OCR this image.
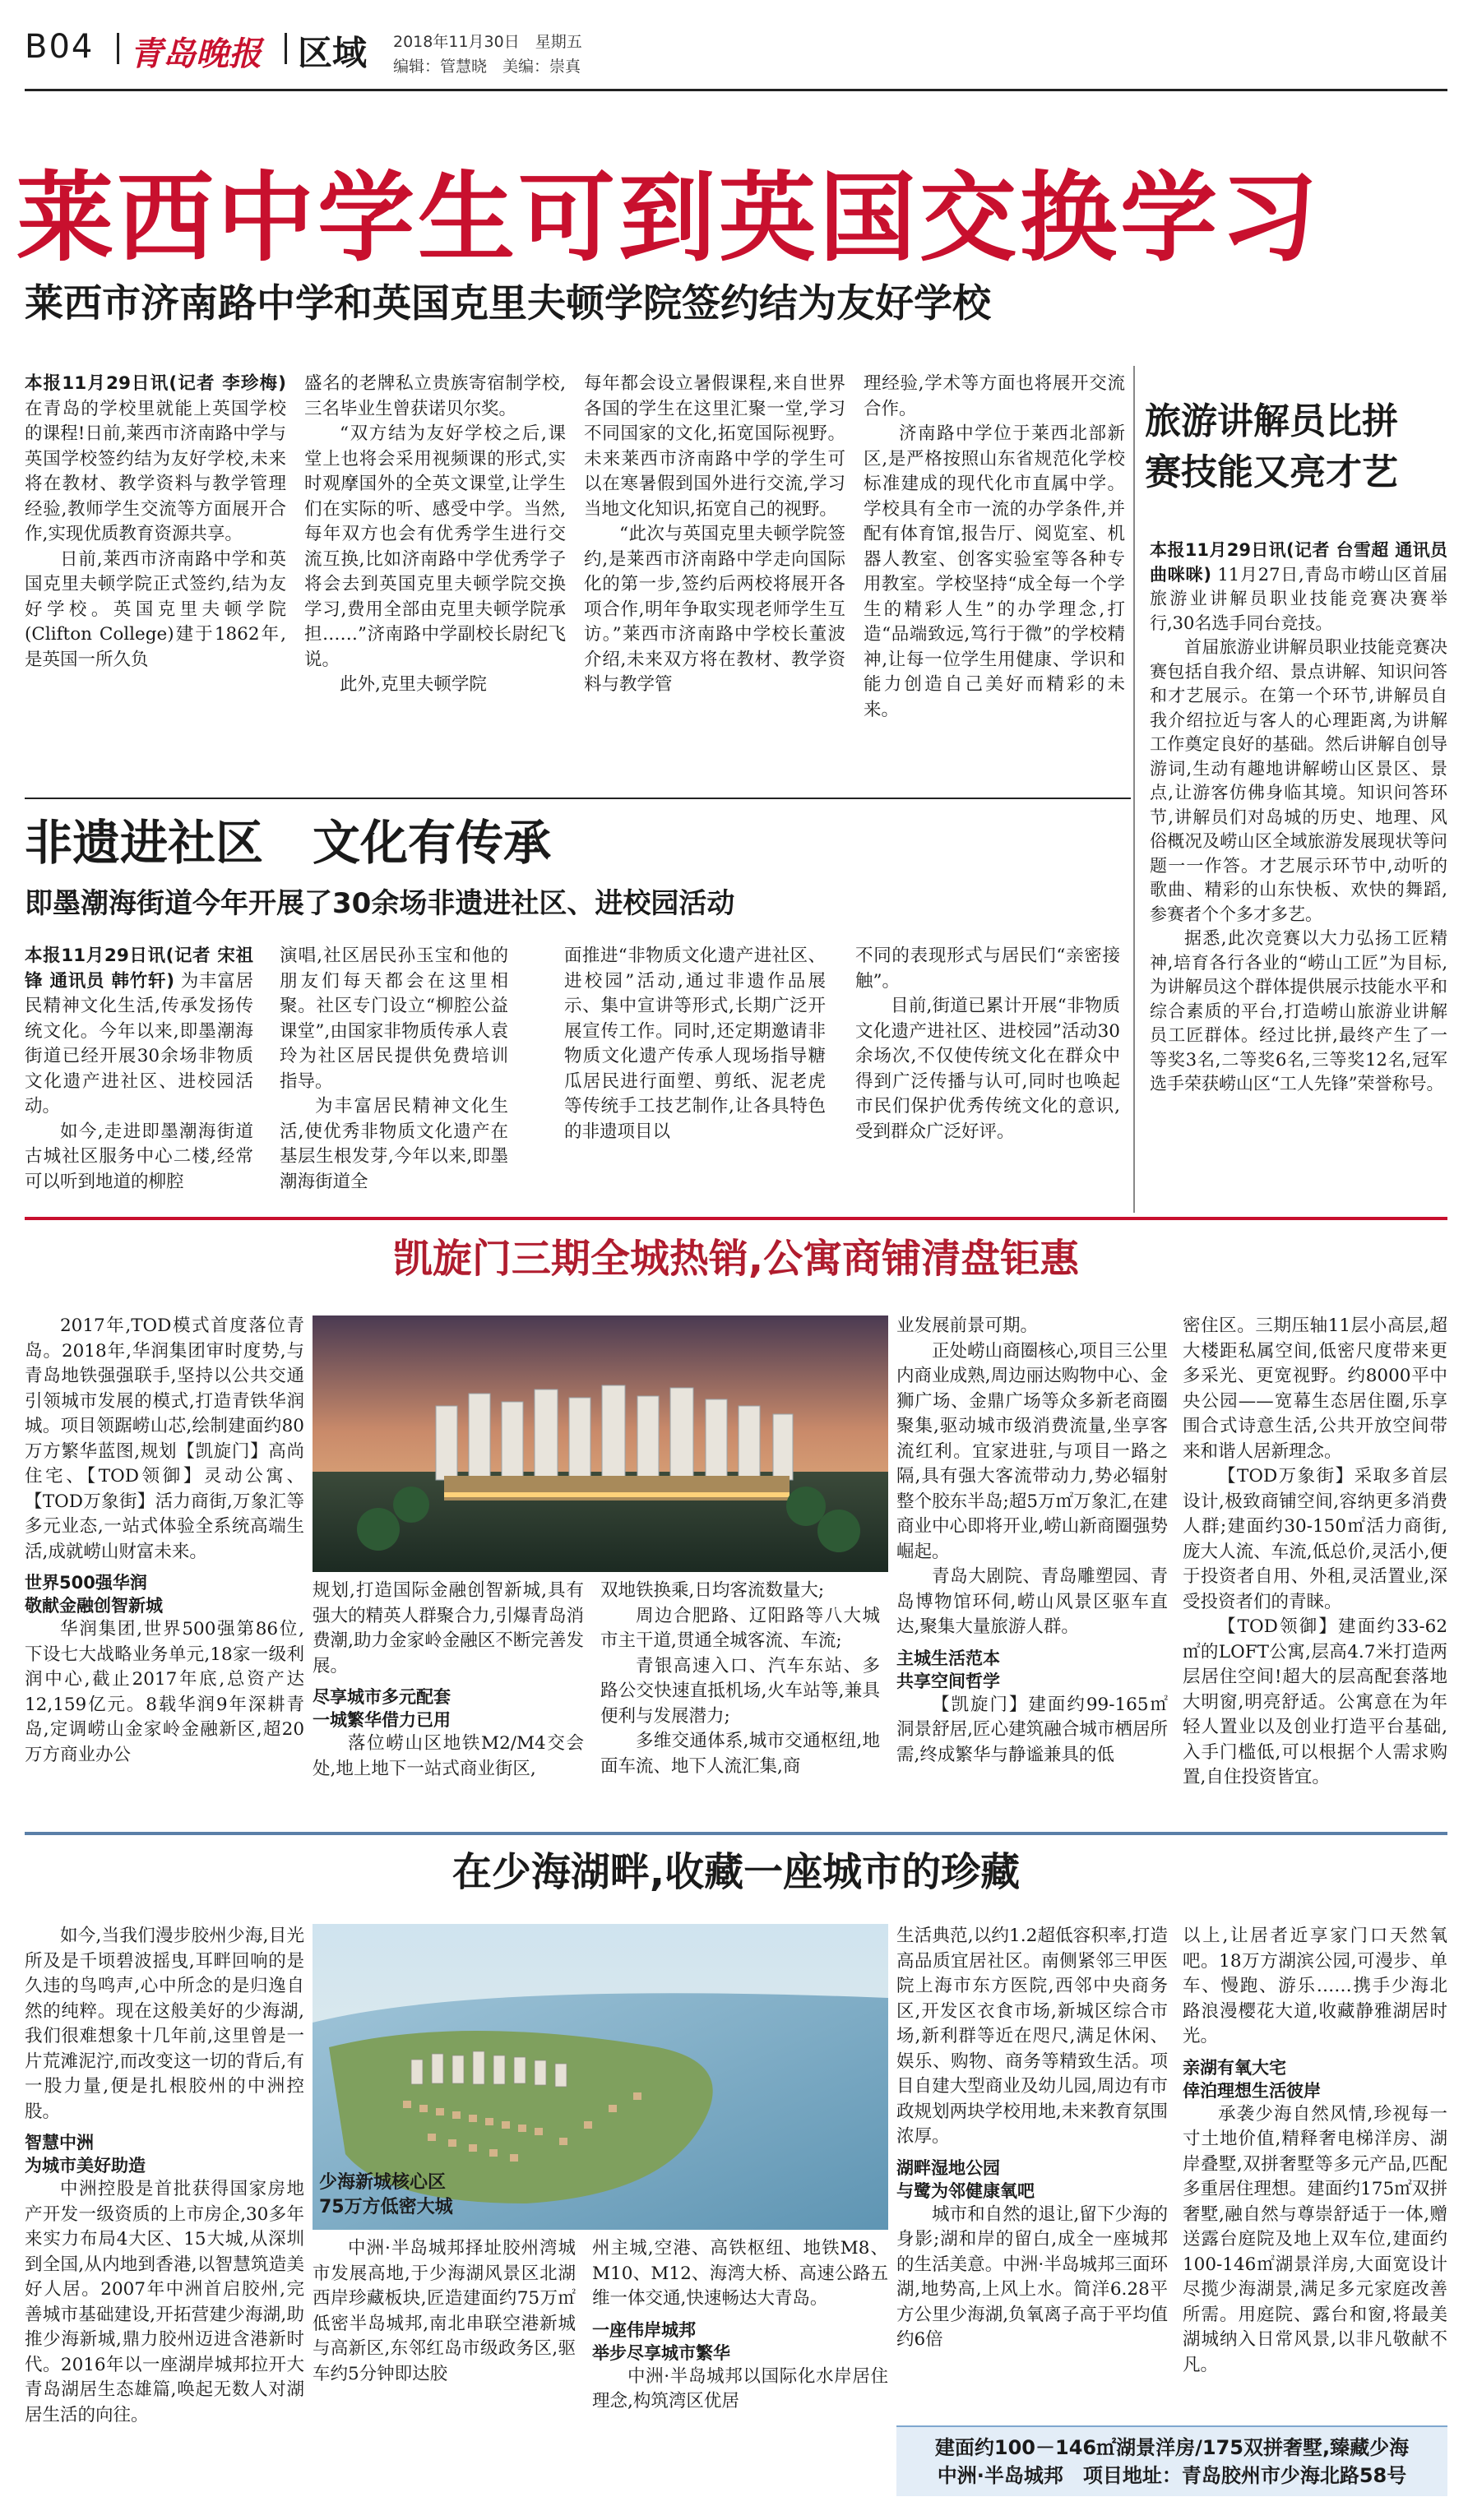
B04 青岛晚报 区域 2018年11月30日　星期五
编辑：管慧晓　美编：崇真
莱西中学生可到英国交换学习
莱西市济南路中学和英国克里夫顿学院签约结为友好学校

本报11月29日讯(记者 李珍梅) 在青岛的学校里就能上英国学校的课程!日前,莱西市济南路中学与英国学校签约结为友好学校,未来将在教材、教学资料与教学管理经验,教师学生交流等方面展开合作,实现优质教育资源共享。

日前,莱西市济南路中学和英国克里夫顿学院正式签约,结为友好学校。英国克里夫顿学院(Clifton College)建于1862年,是英国一所久负

盛名的老牌私立贵族寄宿制学校,三名毕业生曾获诺贝尔奖。

“双方结为友好学校之后,课堂上也将会采用视频课的形式,实时观摩国外的全英文课堂,让学生们在实际的听、感受中学。当然,每年双方也会有优秀学生进行交流互换,比如济南路中学优秀学子将会去到英国克里夫顿学院交换学习,费用全部由克里夫顿学院承担……”济南路中学副校长尉纪飞说。

此外,克里夫顿学院

每年都会设立暑假课程,来自世界各国的学生在这里汇聚一堂,学习不同国家的文化,拓宽国际视野。未来莱西市济南路中学的学生可以在寒暑假到国外进行交流,学习当地文化知识,拓宽自己的视野。

“此次与英国克里夫顿学院签约,是莱西市济南路中学走向国际化的第一步,签约后两校将展开各项合作,明年争取实现老师学生互访。”莱西市济南路中学校长董波介绍,未来双方将在教材、教学资料与教学管

理经验,学术等方面也将展开交流合作。

济南路中学位于莱西北部新区,是严格按照山东省规范化学校标准建成的现代化市直属中学。学校具有全市一流的办学条件,并配有体育馆,报告厅、阅览室、机器人教室、创客实验室等各种专用教室。学校坚持“成全每一个学生的精彩人生”的办学理念,打造“品端致远,笃行于微”的学校精神,让每一位学生用健康、学识和能力创造自己美好而精彩的未来。

旅游讲解员比拼
赛技能又亮才艺

本报11月29日讯(记者 台雪超 通讯员 曲咪咪) 11月27日,青岛市崂山区首届旅游业讲解员职业技能竞赛决赛举行,30名选手同台竞技。

首届旅游业讲解员职业技能竞赛决赛包括自我介绍、景点讲解、知识问答和才艺展示。在第一个环节,讲解员自我介绍拉近与客人的心理距离,为讲解工作奠定良好的基础。然后讲解自创导游词,生动有趣地讲解崂山区景区、景点,让游客仿佛身临其境。知识问答环节,讲解员们对岛城的历史、地理、风俗概况及崂山区全域旅游发展现状等问题一一作答。才艺展示环节中,动听的歌曲、精彩的山东快板、欢快的舞蹈,参赛者个个多才多艺。

据悉,此次竞赛以大力弘扬工匠精神,培育各行各业的“崂山工匠”为目标,为讲解员这个群体提供展示技能水平和综合素质的平台,打造崂山旅游业讲解员工匠群体。经过比拼,最终产生了一等奖3名,二等奖6名,三等奖12名,冠军选手荣获崂山区“工人先锋”荣誉称号。

非遗进社区 文化有传承
即墨潮海街道今年开展了30余场非遗进社区、进校园活动

本报11月29日讯(记者 宋祖锋 通讯员 韩竹轩) 为丰富居民精神文化生活,传承发扬传统文化。今年以来,即墨潮海街道已经开展30余场非物质文化遗产进社区、进校园活动。

如今,走进即墨潮海街道古城社区服务中心二楼,经常可以听到地道的柳腔

演唱,社区居民孙玉宝和他的朋友们每天都会在这里相聚。社区专门设立“柳腔公益课堂”,由国家非物质传承人袁玲为社区居民提供免费培训指导。

为丰富居民精神文化生活,使优秀非物质文化遗产在基层生根发芽,今年以来,即墨潮海街道全

面推进“非物质文化遗产进社区、进校园”活动,通过非遗作品展示、集中宣讲等形式,长期广泛开展宣传工作。同时,还定期邀请非物质文化遗产传承人现场指导糖瓜居民进行面塑、剪纸、泥老虎等传统手工技艺制作,让各具特色的非遗项目以

不同的表现形式与居民们“亲密接触”。

目前,街道已累计开展“非物质文化遗产进社区、进校园”活动30余场次,不仅使传统文化在群众中得到广泛传播与认可,同时也唤起市民们保护优秀传统文化的意识,受到群众广泛好评。

凯旋门三期全城热销,公寓商铺清盘钜惠

2017年,TOD模式首度落位青岛。2018年,华润集团审时度势,与青岛地铁强强联手,坚持以公共交通引领城市发展的模式,打造青铁华润城。项目领踞崂山芯,绘制建面约80万方繁华蓝图,规划【凯旋门】高尚住宅、【TOD领御】灵动公寓、【TOD万象街】活力商街,万象汇等多元业态,一站式体验全系统高端生活,成就崂山财富未来。

世界500强华润
敬献金融创智新城

华润集团,世界500强第86位,下设七大战略业务单元,18家一级利润中心,截止2017年底,总资产达12,159亿元。8载华润9年深耕青岛,定调崂山金家岭金融新区,超20万方商业办公

规划,打造国际金融创智新城,具有强大的精英人群聚合力,引爆青岛消费潮,助力金家岭金融区不断完善发展。

尽享城市多元配套
一城繁华借力已用

落位崂山区地铁M2/M4交会处,地上地下一站式商业街区,

双地铁换乘,日均客流数量大;

周边合肥路、辽阳路等八大城市主干道,贯通全城客流、车流;

青银高速入口、汽车东站、多路公交快速直抵机场,火车站等,兼具便利与发展潜力;

多维交通体系,城市交通枢纽,地面车流、地下人流汇集,商

业发展前景可期。

正处崂山商圈核心,项目三公里内商业成熟,周边丽达购物中心、金狮广场、金鼎广场等众多新老商圈聚集,驱动城市级消费流量,坐享客流红利。宜家进驻,与项目一路之隔,具有强大客流带动力,势必辐射整个胶东半岛;超5万㎡万象汇,在建商业中心即将开业,崂山新商圈强势崛起。

青岛大剧院、青岛雕塑园、青岛博物馆环伺,崂山风景区驱车直达,聚集大量旅游人群。

主城生活范本
共享空间哲学

【凯旋门】建面约99-165㎡洞景舒居,匠心建筑融合城市栖居所需,终成繁华与静谧兼具的低

密住区。三期压轴11层小高层,超大楼距私属空间,低密尺度带来更多采光、更宽视野。约8000平中央公园——宽幕生态居住圈,乐享围合式诗意生活,公共开放空间带来和谐人居新理念。

【TOD万象街】采取多首层设计,极致商铺空间,容纳更多消费人群;建面约30-150㎡活力商街,庞大人流、车流,低总价,灵活小,便于投资者自用、外租,灵活置业,深受投资者们的青睐。

【TOD领御】建面约33-62㎡的LOFT公寓,层高4.7米打造两层居住空间!超大的层高配套落地大明窗,明亮舒适。公寓意在为年轻人置业以及创业打造平台基础,入手门槛低,可以根据个人需求购置,自住投资皆宜。

在少海湖畔,收藏一座城市的珍藏

如今,当我们漫步胶州少海,目光所及是千顷碧波摇曳,耳畔回响的是久违的鸟鸣声,心中所念的是归逸自然的纯粹。现在这般美好的少海湖,我们很难想象十几年前,这里曾是一片荒滩泥泞,而改变这一切的背后,有一股力量,便是扎根胶州的中洲控股。

智慧中洲
为城市美好助造

中洲控股是首批获得国家房地产开发一级资质的上市房企,30多年来实力布局4大区、15大城,从深圳到全国,从内地到香港,以智慧筑造美好人居。2007年中洲首启胶州,完善城市基础建设,开拓营建少海湖,助推少海新城,鼎力胶州迈进含港新时代。2016年以一座湖岸城邦拉开大青岛湖居生态雄篇,唤起无数人对湖居生活的向往。

少海新城核心区
75万方低密大城

中洲·半岛城邦择址胶州湾城市发展高地,于少海湖风景区北湖西岸珍藏板块,匠造建面约75万㎡低密半岛城邦,南北串联空港新城与高新区,东邻红岛市级政务区,驱车约5分钟即达胶

州主城,空港、高铁枢纽、地铁M8、M10、M12、海湾大桥、高速公路五维一体交通,快速畅达大青岛。

一座伟岸城邦
举步尽享城市繁华

中洲·半岛城邦以国际化水岸居住理念,构筑湾区优居

生活典范,以约1.2超低容积率,打造高品质宜居社区。南侧紧邻三甲医院上海市东方医院,西邻中央商务区,开发区衣食市场,新城区综合市场,新利群等近在咫尺,满足休闲、娱乐、购物、商务等精致生活。项目自建大型商业及幼儿园,周边有市政规划两块学校用地,未来教育氛围浓厚。

湖畔湿地公园
与鹭为邻健康氧吧

城市和自然的退让,留下少海的身影;湖和岸的留白,成全一座城邦的生活美意。中洲·半岛城邦三面环湖,地势高,上风上水。简洋6.28平方公里少海湖,负氧离子高于平均值约6倍

以上,让居者近享家门口天然氧吧。18万方湖滨公园,可漫步、单车、慢跑、游乐……携手少海北路浪漫樱花大道,收藏静雅湖居时光。

亲湖有氧大宅
倖泊理想生活彼岸

承袭少海自然风情,珍视每一寸土地价值,精释奢电梯洋房、湖岸叠墅,双拼奢墅等多元产品,匹配多重居住理想。建面约175㎡双拼奢墅,融自然与尊崇舒适于一体,赠送露台庭院及地上双车位,建面约100-146㎡湖景洋房,大面宽设计尽揽少海湖景,满足多元家庭改善所需。用庭院、露台和窗,将最美湖城纳入日常风景,以非凡敬献不凡。

建面约100－146㎡湖景洋房/175双拼奢墅,臻藏少海
中洲·半岛城邦　项目地址：青岛胶州市少海北路58号
